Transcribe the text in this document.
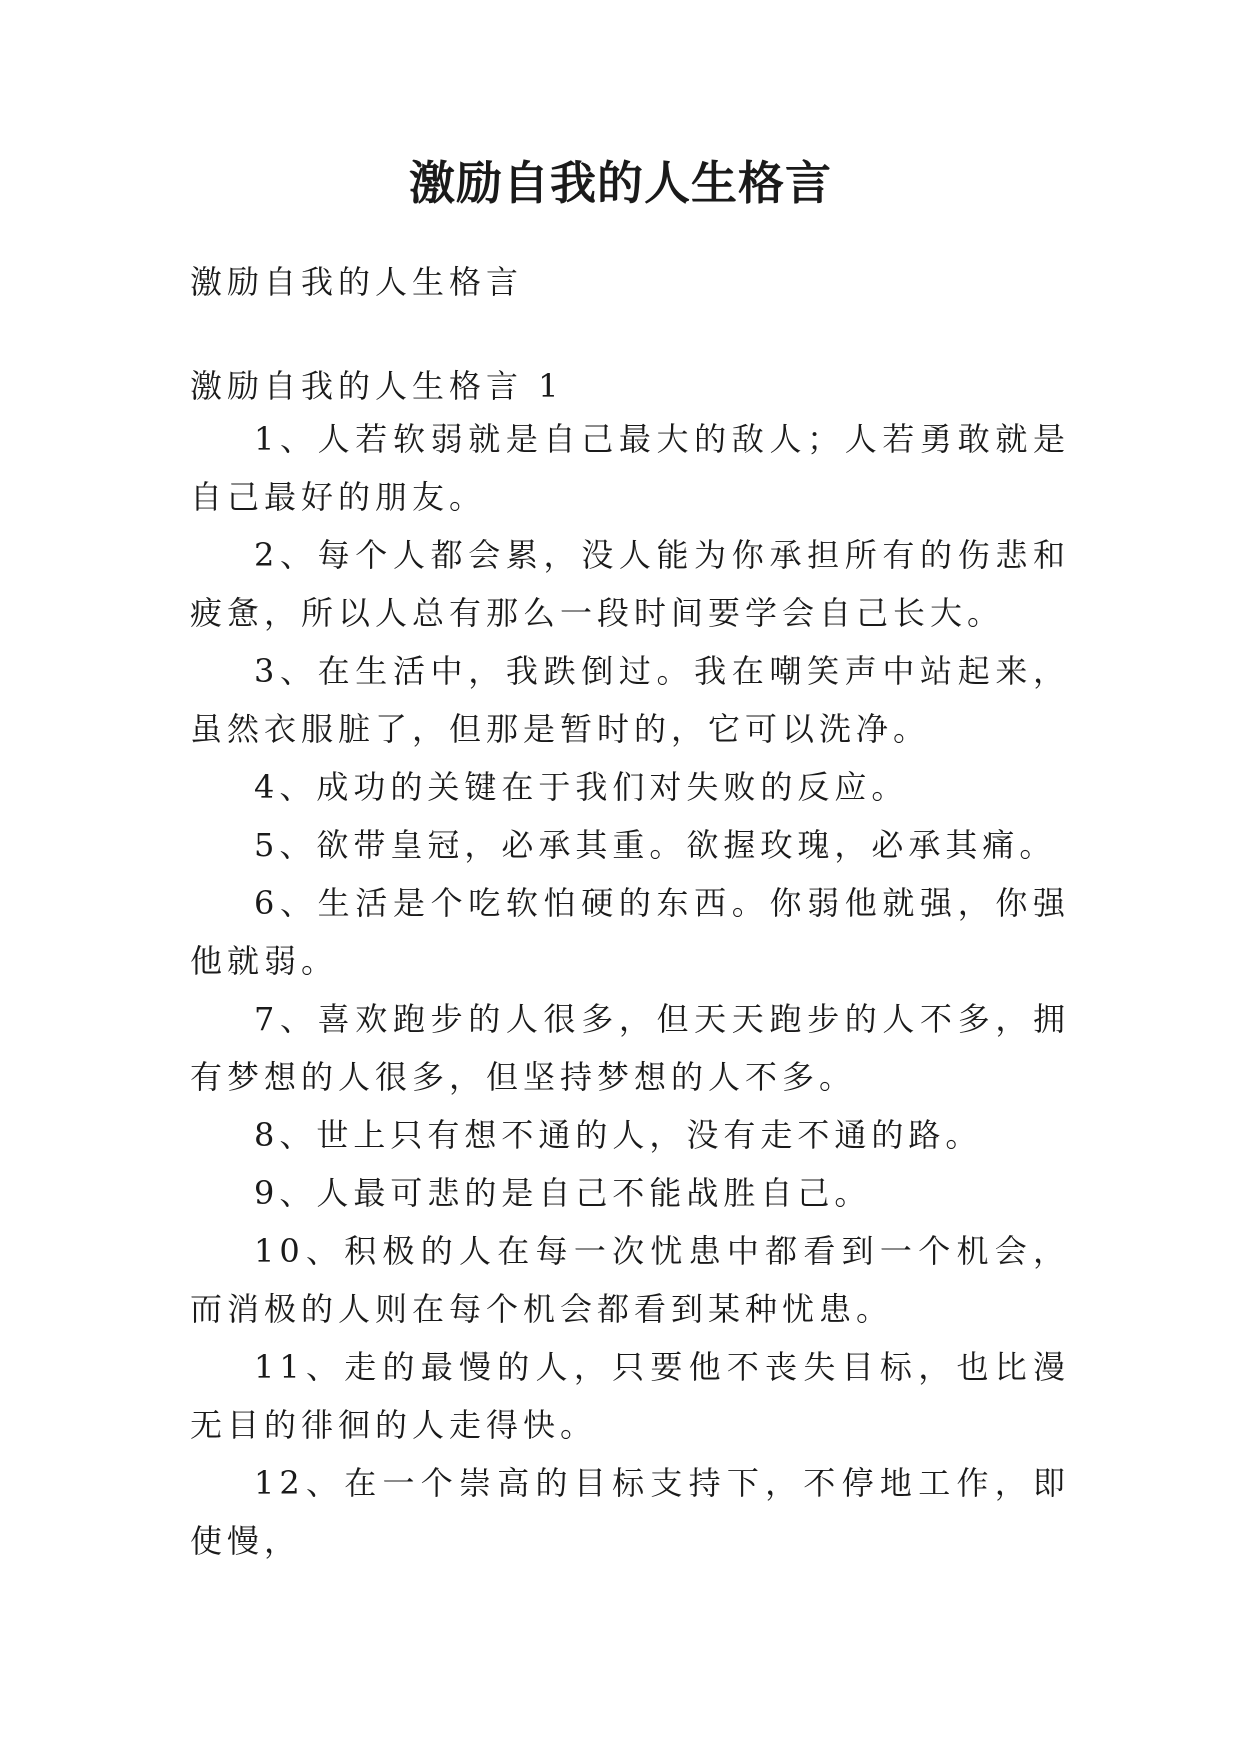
激励自我的人生格言
激励自我的人生格言
激励自我的人生格言 1
1、人若软弱就是自己最大的敌人；人若勇敢就是自己最好的朋友。
2、每个人都会累，没人能为你承担所有的伤悲和疲惫，所以人总有那么一段时间要学会自己长大。
3、在生活中，我跌倒过。我在嘲笑声中站起来，虽然衣服脏了，但那是暂时的，它可以洗净。
4、成功的关键在于我们对失败的反应。
5、欲带皇冠，必承其重。欲握玫瑰，必承其痛。
6、生活是个吃软怕硬的东西。你弱他就强，你强他就弱。
7、喜欢跑步的人很多，但天天跑步的人不多，拥有梦想的人很多，但坚持梦想的人不多。
8、世上只有想不通的人，没有走不通的路。
9、人最可悲的是自己不能战胜自己。
10、积极的人在每一次忧患中都看到一个机会，而消极的人则在每个机会都看到某种忧患。
11、走的最慢的人，只要他不丧失目标，也比漫无目的徘徊的人走得快。
12、在一个崇高的目标支持下，不停地工作，即使慢，
